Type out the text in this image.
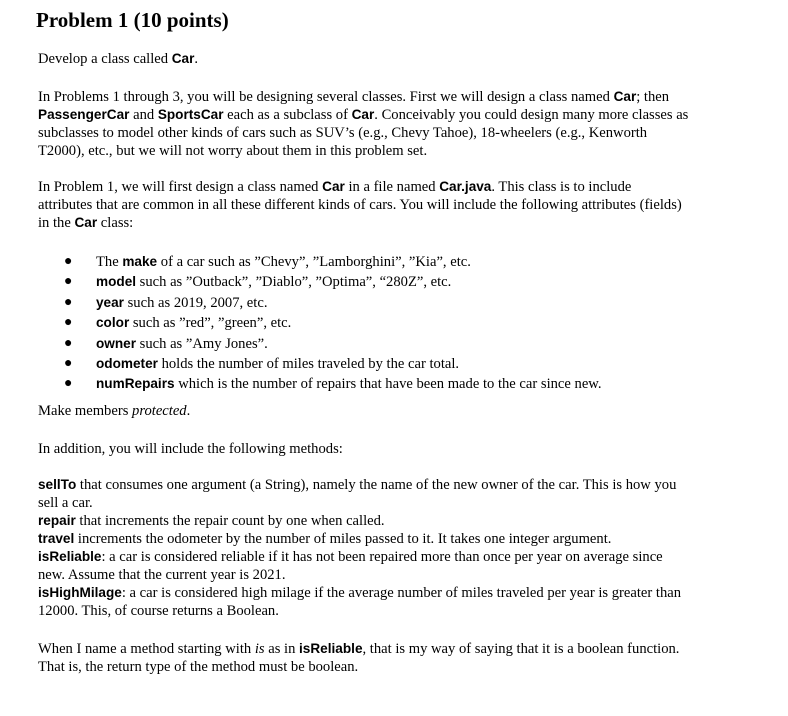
Problem 1 (10 points)
Develop a class called Car.
In Problems 1 through 3, you will be designing several classes. First we will design a class named Car; then
PassengerCar and SportsCar each as a subclass of Car. Conceivably you could design many more classes as
subclasses to model other kinds of cars such as SUV’s (e.g., Chevy Tahoe), 18-wheelers (e.g., Kenworth
T2000), etc., but we will not worry about them in this problem set.
In Problem 1, we will first design a class named Car in a file named Car.java. This class is to include
attributes that are common in all these different kinds of cars. You will include the following attributes (fields)
in the Car class:
● The make of a car such as ”Chevy”, ”Lamborghini”, ”Kia”, etc.
● model such as ”Outback”, ”Diablo”, ”Optima”, “280Z”, etc.
● year such as 2019, 2007, etc.
● color such as ”red”, ”green”, etc.
● owner such as ”Amy Jones”.
● odometer holds the number of miles traveled by the car total.
● numRepairs which is the number of repairs that have been made to the car since new.
Make members protected.
In addition, you will include the following methods:
sellTo that consumes one argument (a String), namely the name of the new owner of the car. This is how you
sell a car.
repair that increments the repair count by one when called.
travel increments the odometer by the number of miles passed to it. It takes one integer argument.
isReliable: a car is considered reliable if it has not been repaired more than once per year on average since
new. Assume that the current year is 2021.
isHighMilage: a car is considered high milage if the average number of miles traveled per year is greater than
12000. This, of course returns a Boolean.
When I name a method starting with is as in isReliable, that is my way of saying that it is a boolean function.
That is, the return type of the method must be boolean.
